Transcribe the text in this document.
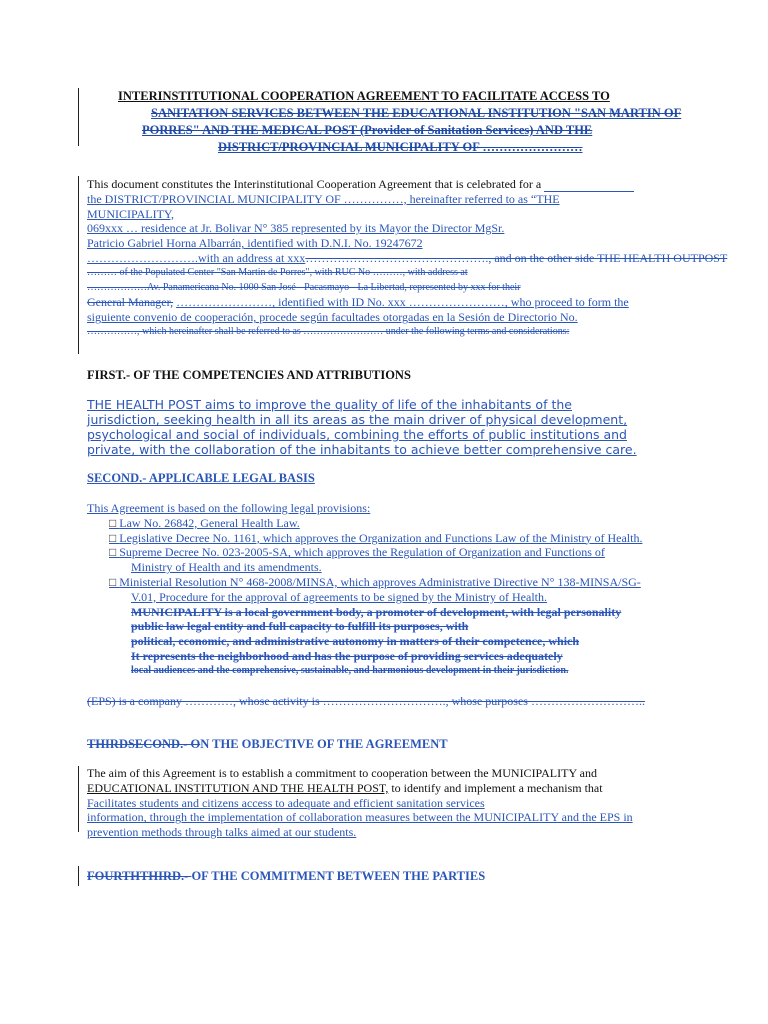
INTERINSTITUTIONAL COOPERATION AGREEMENT TO FACILITATE ACCESS TO
SANITATION SERVICES BETWEEN THE EDUCATIONAL INSTITUTION "SAN MARTIN OF
PORRES" AND THE MEDICAL POST (Provider of Sanitation Services) AND THE
DISTRICT/PROVINCIAL MUNICIPALITY OF ……………………
This document constitutes the Interinstitutional Cooperation Agreement that is celebrated for a
the DISTRICT/PROVINCIAL MUNICIPALITY OF ……………, hereinafter referred to as “THE
MUNICIPALITY,
069xxx … residence at Jr. Bolivar N° 385 represented by its Mayor the Director MgSr.
Patricio Gabriel Horna Albarrán, identified with D.N.I. No. 19247672
……………………….with an address at xxx………………………………………., and on the other side THE HEALTH OUTPOST
……… of the Populated Center "San Martin de Porres", with RUC No ………, with address at
………………Av. Panamericana No. 1000 San José - Pacasmayo - La Libertad, represented by xxx for their
General Manager, ……………………, identified with ID No. xxx ……………………, who proceed to form the
siguiente convenio de cooperación, procede según facultades otorgadas en la Sesión de Directorio No.
……………, which hereinafter shall be referred to as …………………… under the following terms and considerations:
FIRST.- OF THE COMPETENCIES AND ATTRIBUTIONS
THE HEALTH POST aims to improve the quality of life of the inhabitants of the
jurisdiction, seeking health in all its areas as the main driver of physical development,
psychological and social of individuals, combining the efforts of public institutions and
private, with the collaboration of the inhabitants to achieve better comprehensive care.
SECOND.- APPLICABLE LEGAL BASIS
This Agreement is based on the following legal provisions:
□ Law No. 26842, General Health Law.
□ Legislative Decree No. 1161, which approves the Organization and Functions Law of the Ministry of Health.
□ Supreme Decree No. 023-2005-SA, which approves the Regulation of Organization and Functions of
Ministry of Health and its amendments.
□ Ministerial Resolution N° 468-2008/MINSA, which approves Administrative Directive N° 138-MINSA/SG-
V.01, Procedure for the approval of agreements to be signed by the Ministry of Health.
MUNICIPALITY is a local government body, a promoter of development, with legal personality
public law legal entity and full capacity to fulfill its purposes, with
political, economic, and administrative autonomy in matters of their competence, which
It represents the neighborhood and has the purpose of providing services adequately
local audiences and the comprehensive, sustainable, and harmonious development in their jurisdiction.
(EPS) is a company …………, whose activity is …………………………., whose purposes ………………………..
THIRDSECOND.- ON THE OBJECTIVE OF THE AGREEMENT
The aim of this Agreement is to establish a commitment to cooperation between the MUNICIPALITY and
EDUCATIONAL INSTITUTION AND THE HEALTH POST, to identify and implement a mechanism that
Facilitates students and citizens access to adequate and efficient sanitation services
information, through the implementation of collaboration measures between the MUNICIPALITY and the EPS in
prevention methods through talks aimed at our students.
FOURTHTHIRD.- OF THE COMMITMENT BETWEEN THE PARTIES
